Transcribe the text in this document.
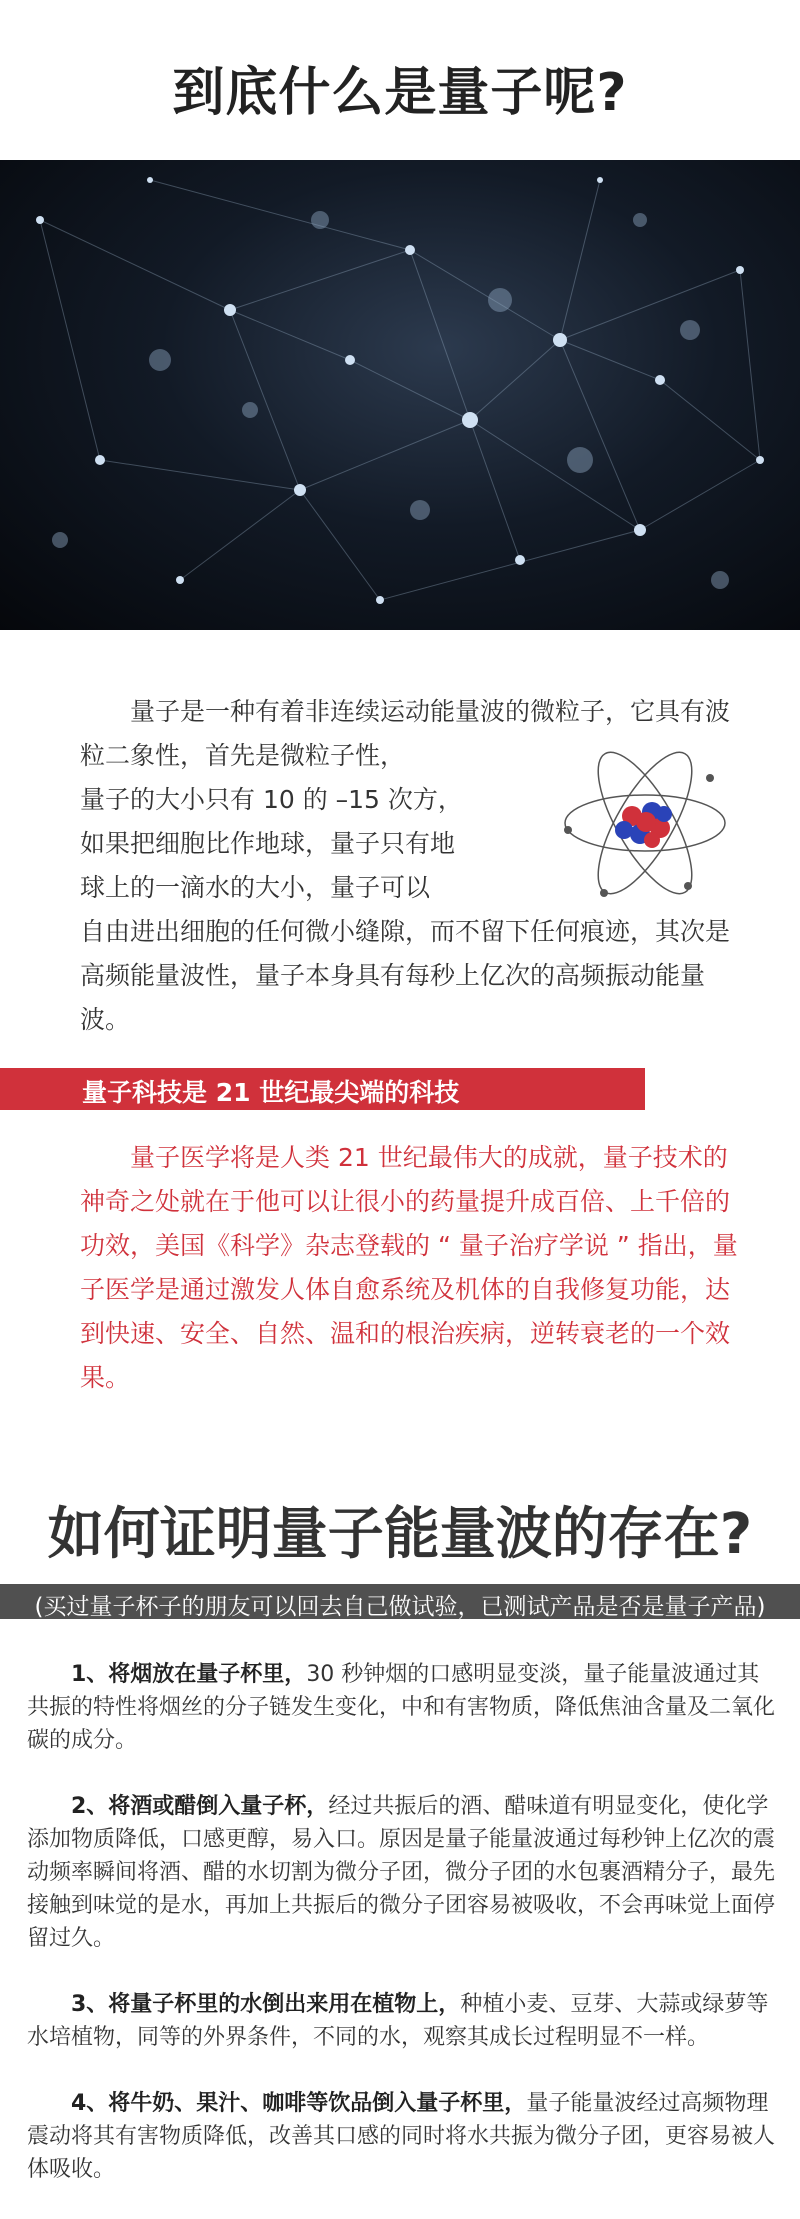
到底什么是量子呢?

量子是一种有着非连续运动能量波的微粒子，它具有波

粒二象性，首先是微粒子性，

量子的大小只有 10 的 –15 次方，

如果把细胞比作地球，量子只有地

球上的一滴水的大小，量子可以

自由进出细胞的任何微小缝隙，而不留下任何痕迹，其次是

高频能量波性，量子本身具有每秒上亿次的高频振动能量

波。

量子科技是 21 世纪最尖端的科技

量子医学将是人类 21 世纪最伟大的成就，量子技术的神奇之处就在于他可以让很小的药量提升成百倍、上千倍的功效，美国《科学》杂志登载的 “ 量子治疗学说 ” 指出，量子医学是通过激发人体自愈系统及机体的自我修复功能，达到快速、安全、自然、温和的根治疾病，逆转衰老的一个效果。

如何证明量子能量波的存在?
(买过量子杯子的朋友可以回去自己做试验，已测试产品是否是量子产品)

1、将烟放在量子杯里，30 秒钟烟的口感明显变淡，量子能量波通过其共振的特性将烟丝的分子链发生变化，中和有害物质，降低焦油含量及二氧化碳的成分。

2、将酒或醋倒入量子杯，经过共振后的酒、醋味道有明显变化，使化学添加物质降低，口感更醇，易入口。原因是量子能量波通过每秒钟上亿次的震动频率瞬间将酒、醋的水切割为微分子团，微分子团的水包裹酒精分子，最先接触到味觉的是水，再加上共振后的微分子团容易被吸收，不会再味觉上面停留过久。

3、将量子杯里的水倒出来用在植物上，种植小麦、豆芽、大蒜或绿萝等水培植物，同等的外界条件，不同的水，观察其成长过程明显不一样。

4、将牛奶、果汁、咖啡等饮品倒入量子杯里，量子能量波经过高频物理震动将其有害物质降低，改善其口感的同时将水共振为微分子团，更容易被人体吸收。
